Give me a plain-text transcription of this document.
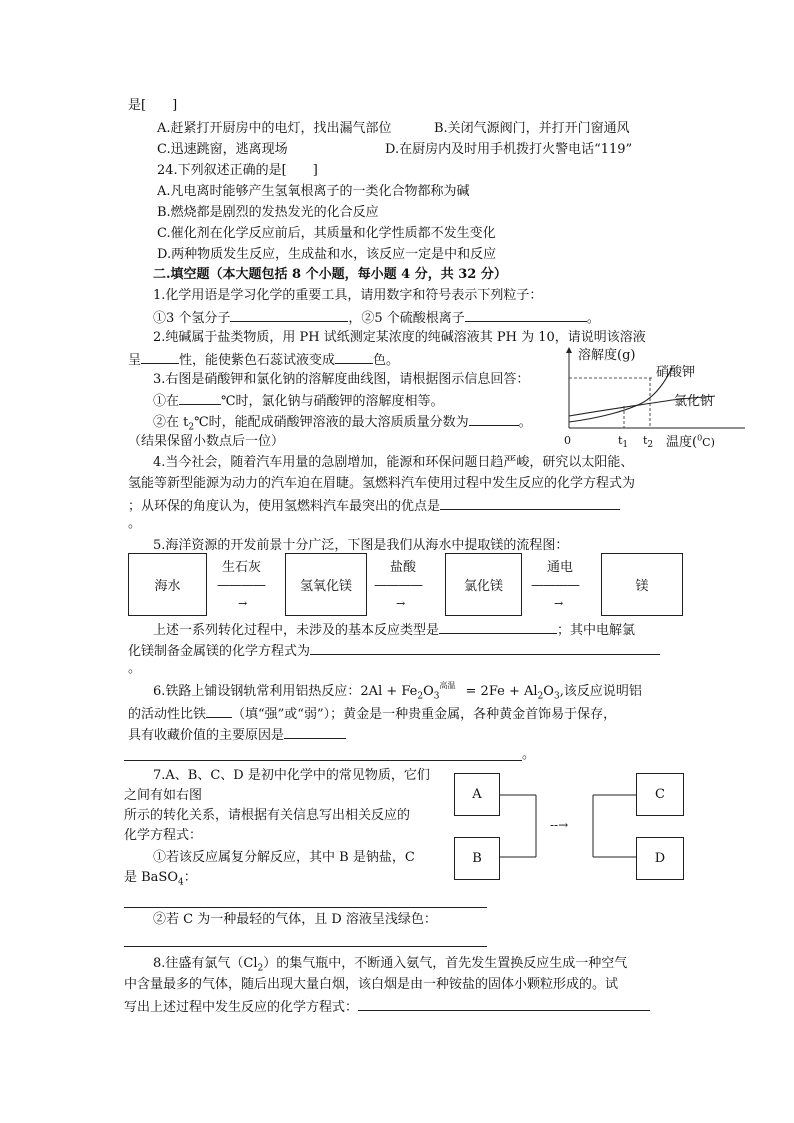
是[　　]
A.赶紧打开厨房中的电灯，找出漏气部位	B.关闭气源阀门，并打开门窗通风
C.迅速跳窗，逃离现场	D.在厨房内及时用手机拨打火警电话“119”
24.下列叙述正确的是[　　]
A.凡电离时能够产生氢氧根离子的一类化合物都称为碱
B.燃烧都是剧烈的发热发光的化合反应
C.催化剂在化学反应前后，其质量和化学性质都不发生变化
D.两种物质发生反应，生成盐和水，该反应一定是中和反应
二.填空题（本大题包括 8 个小题，每小题 4 分，共 32 分）
1.化学用语是学习化学的重要工具，请用数字和符号表示下列粒子：
①3 个氢分子	，②5 个硫酸根离子	。
2.纯碱属于盐类物质，用 PH 试纸测定某浓度的纯碱溶液其 PH 为 10，请说明该溶液
呈	性，能使紫色石蕊试液变成	色。
3.右图是硝酸钾和氯化钠的溶解度曲线图，请根据图示信息回答：
①在	℃时，氯化钠与硝酸钾的溶解度相等。
②在 $t_2℃$时，能配成硝酸钾溶液的最大溶质质量分数为	。
（结果保留小数点后一位）
溶解度(g)
硝酸钾
氯化钠
0	$t_1$ $t_2$ 温度($^0$C)
4.当今社会，随着汽车用量的急剧增加，能源和环保问题日趋严峻，研究以太阳能、
氢能等新型能源为动力的汽车迫在眉睫。氢燃料汽车使用过程中发生反应的化学方程式为
；从环保的角度认为，使用氢燃料汽车最突出的优点是
。
5.海洋资源的开发前景十分广泛，下图是我们从海水中提取镁的流程图：
海水	氢氧化镁	氯化镁	镁
生石灰
————
→
盐酸
————
→
通电
————
→
上述一系列转化过程中，未涉及的基本反应类型是	；其中电解氯
化镁制备金属镁的化学方程式为
。
6.铁路上铺设钢轨常利用铝热反应：$2Al + Fe_2O_3$
高温 = $2Fe + Al_2O_3$,该反应说明铝
的活动性比铁 （填“强”或“弱”）；黄金是一种贵重金属，各种黄金首饰易于保存，
具有收藏价值的主要原因是
。
7.A、B、C、D 是初中化学中的常见物质，它们
之间有如右图
所示的转化关系，请根据有关信息写出相关反应的
化学方程式：
①若该反应属复分解反应，其中 B 是钠盐，C
是 BaSO$_4$：
②若 C 为一种最轻的气体，且 D 溶液呈浅绿色：
A
B
C
D
--→
8.往盛有氯气$(Cl_2)$的集气瓶中，不断通入氨气，首先发生置换反应生成一种空气
中含量最多的气体，随后出现大量白烟，该白烟是由一种铵盐的固体小颗粒形成的。试
写出上述过程中发生反应的化学方程式：
